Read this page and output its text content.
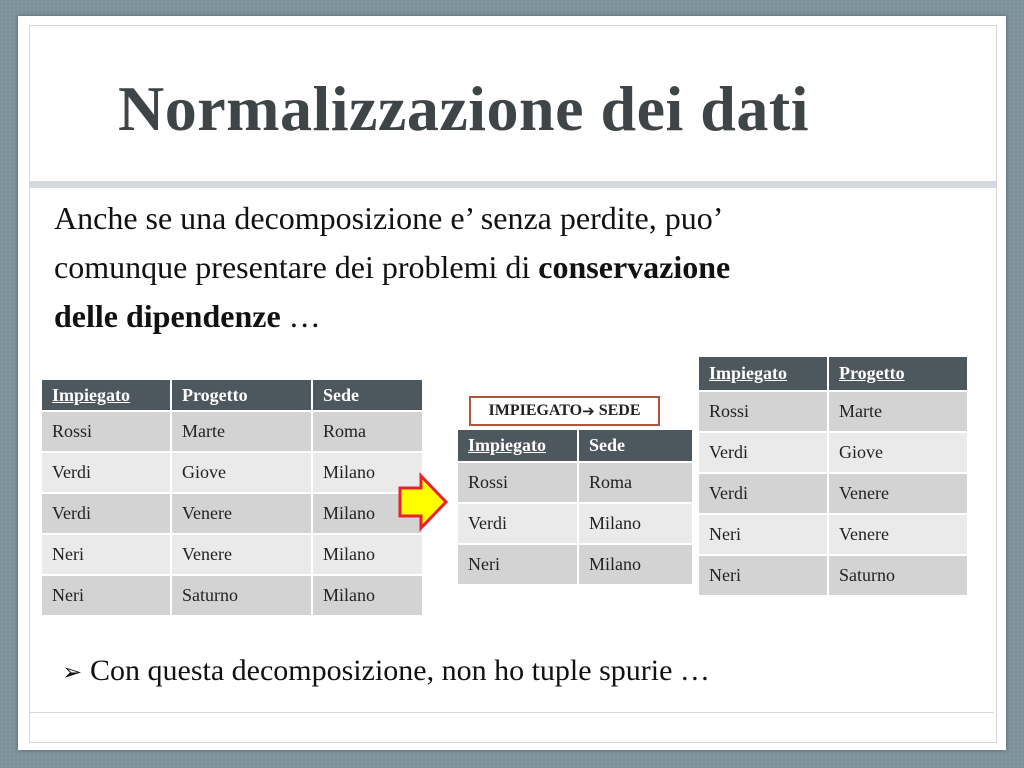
Normalizzazione dei dati
Anche se una decomposizione e’ senza perdite, puo’
comunque presentare dei problemi di conservazione
delle dipendenze …
Impiegato	Progetto	Sede
Rossi	Marte	Roma
Verdi	Giove	Milano
Verdi	Venere	Milano
Neri	Venere	Milano
Neri	Saturno	Milano
IMPIEGATO ➔ SEDE
Impiegato	Sede
Rossi	Roma
Verdi	Milano
Neri	Milano
Impiegato	Progetto
Rossi	Marte
Verdi	Giove
Verdi	Venere
Neri	Venere
Neri	Saturno
➢ Con questa decomposizione, non ho tuple spurie …
